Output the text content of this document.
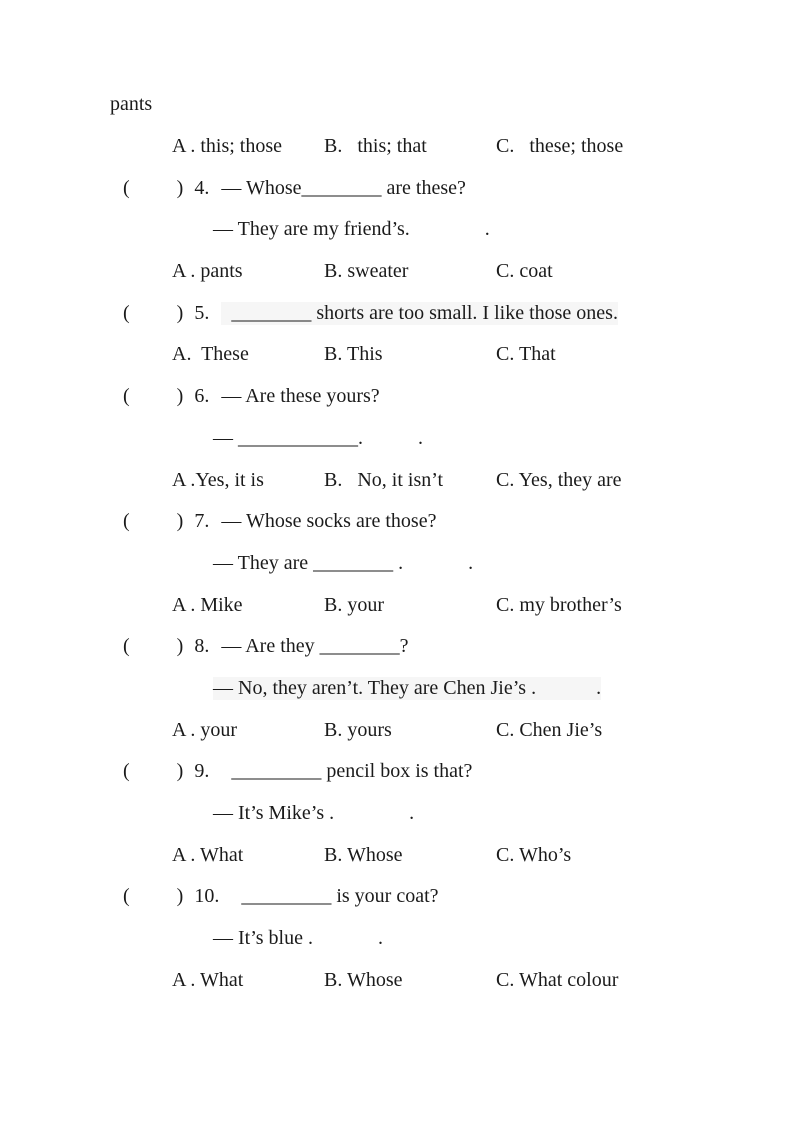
pants
A . this; those	B.   this; that	C.   these; those
( ) 4. — Whose________ are these?
— They are my friend’s.               .
A . pants	B. sweater	C. coat
( ) 5. ________ shorts are too small. I like those ones.
A.  These	B. This	C. That
( ) 6. — Are these yours?
— ____________.           .
A .Yes, it is	B.   No, it isn’t	C. Yes, they are
( ) 7. — Whose socks are those?
— They are ________ .             .
A . Mike	B. your	C. my brother’s
( ) 8. — Are they ________?
— No, they aren’t. They are Chen Jie’s .            .
A . your	B. yours	C. Chen Jie’s
( ) 9. _________ pencil box is that?
— It’s Mike’s .               .
A . What	B. Whose	C. Who’s
( ) 10. _________ is your coat?
— It’s blue .             .
A . What	B. Whose	C. What colour
